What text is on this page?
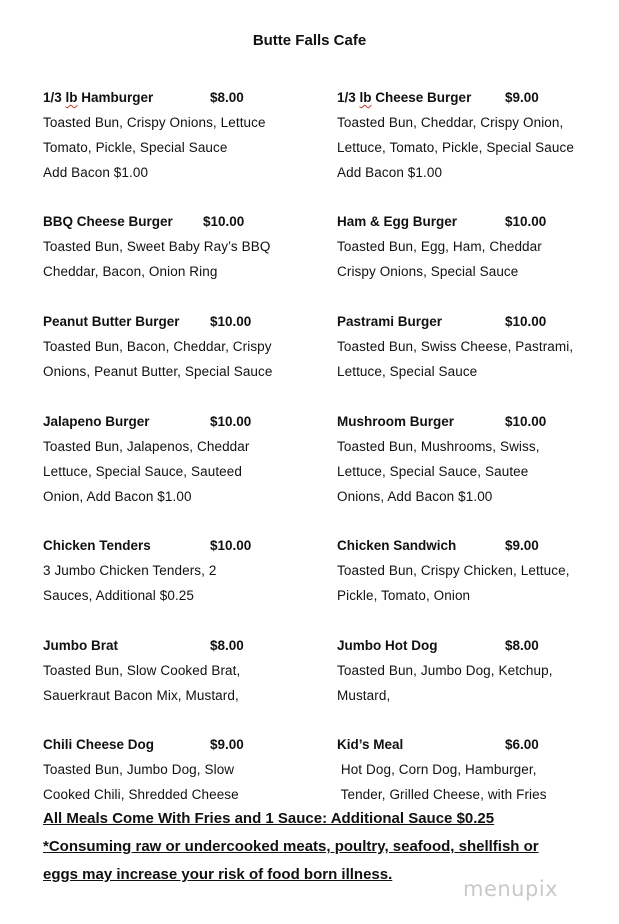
Butte Falls Cafe
1/3 lb Hamburger	$8.00
Toasted Bun, Crispy Onions, Lettuce
Tomato, Pickle, Special Sauce
Add Bacon $1.00
1/3 lb Cheese Burger $9.00
Toasted Bun, Cheddar, Crispy Onion,
Lettuce, Tomato, Pickle, Special Sauce
Add Bacon $1.00
BBQ Cheese Burger $10.00
Toasted Bun, Sweet Baby Ray’s BBQ
Cheddar, Bacon, Onion Ring
Ham & Egg Burger	$10.00
Toasted Bun, Egg, Ham, Cheddar
Crispy Onions, Special Sauce
Peanut Butter Burger $10.00
Toasted Bun, Bacon, Cheddar, Crispy
Onions, Peanut Butter, Special Sauce
Pastrami Burger	$10.00
Toasted Bun, Swiss Cheese, Pastrami,
Lettuce, Special Sauce
Jalapeno Burger	$10.00
Toasted Bun, Jalapenos, Cheddar
Lettuce, Special Sauce, Sauteed
Onion, Add Bacon $1.00
Mushroom Burger	$10.00
Toasted Bun, Mushrooms, Swiss,
Lettuce, Special Sauce, Sautee
Onions, Add Bacon $1.00
Chicken Tenders	$10.00
3 Jumbo Chicken Tenders, 2
Sauces, Additional $0.25
Chicken Sandwich	$9.00
Toasted Bun, Crispy Chicken, Lettuce,
Pickle, Tomato, Onion
Jumbo Brat	$8.00
Toasted Bun, Slow Cooked Brat,
Sauerkraut Bacon Mix, Mustard,
Jumbo Hot Dog	$8.00
Toasted Bun, Jumbo Dog, Ketchup,
Mustard,
Chili Cheese Dog	$9.00
Toasted Bun, Jumbo Dog, Slow
Cooked Chili, Shredded Cheese
Kid’s Meal	$6.00
Hot Dog, Corn Dog, Hamburger,
Tender, Grilled Cheese, with Fries
All Meals Come With Fries and 1 Sauce: Additional Sauce $0.25
*Consuming raw or undercooked meats, poultry, seafood, shellfish or
eggs may increase your risk of food born illness.
menupix
